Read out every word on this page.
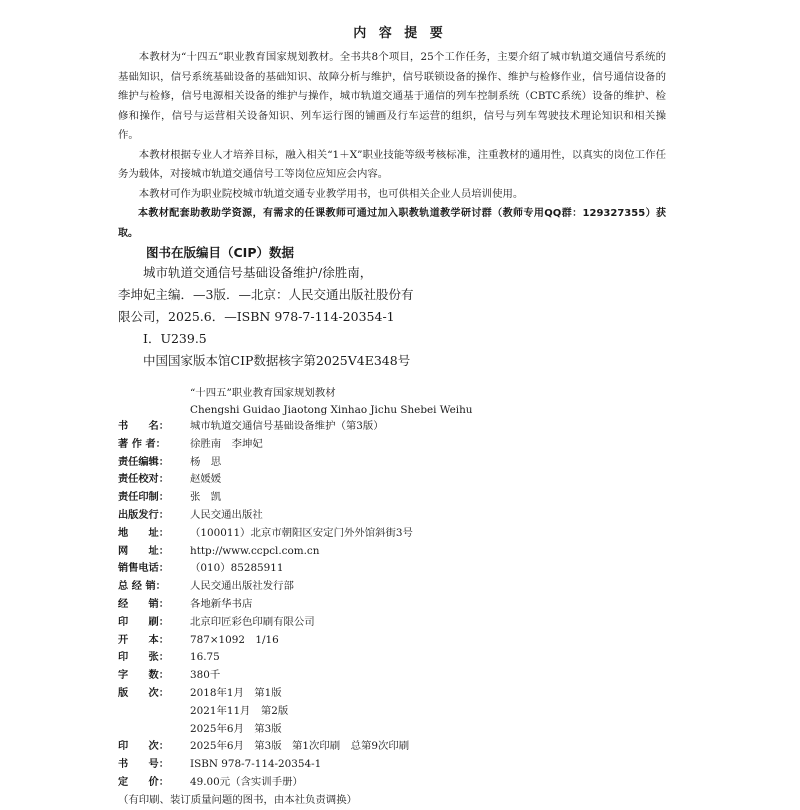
内 容 提 要

本教材为“十四五”职业教育国家规划教材。全书共8个项目，25个工作任务，主要介绍了城市轨道交通信号系统的基础知识，信号系统基础设备的基础知识、故障分析与维护，信号联锁设备的操作、维护与检修作业，信号通信设备的维护与检修，信号电源相关设备的维护与操作，城市轨道交通基于通信的列车控制系统（CBTC系统）设备的维护、检修和操作，信号与运营相关设备知识、列车运行图的铺画及行车运营的组织，信号与列车驾驶技术理论知识和相关操作。

本教材根据专业人才培养目标，融入相关“1＋X”职业技能等级考核标准，注重教材的通用性，以真实的岗位工作任务为载体，对接城市轨道交通信号工等岗位应知应会内容。

本教材可作为职业院校城市轨道交通专业教学用书，也可供相关企业人员培训使用。

本教材配套助教助学资源，有需求的任课教师可通过加入职教轨道教学研讨群（教师专用QQ群：129327355）获取。

图书在版编目（CIP）数据
城市轨道交通信号基础设备维护/徐胜南，
李坤妃主编．—3版．—北京：人民交通出版社股份有
限公司，2025.6．—ISBN 978-7-114-20354-1
Ⅰ．U239.5
中国国家版本馆CIP数据核字第2025V4E348号
“十四五”职业教育国家规划教材
Chengshi Guidao Jiaotong Xinhao Jichu Shebei Weihu
书　　名：	城市轨道交通信号基础设备维护（第3版）
著 作 者：	徐胜南　李坤妃
责任编辑：	杨　思
责任校对：	赵媛媛
责任印制：	张　凯
出版发行：	人民交通出版社
地　　址：	（100011）北京市朝阳区安定门外外馆斜街3号
网　　址：	http://www.ccpcl.com.cn
销售电话：	（010）85285911
总 经 销：	人民交通出版社发行部
经　　销：	各地新华书店
印　　刷：	北京印匠彩色印刷有限公司
开　　本：	787×1092　1/16
印　　张：	16.75
字　　数：	380千
版　　次：	2018年1月　第1版
2021年11月　第2版
2025年6月　第3版
印　　次：	2025年6月　第3版　第1次印刷　总第9次印刷
书　　号：	ISBN 978-7-114-20354-1
定　　价：	49.00元（含实训手册）
（有印刷、装订质量问题的图书，由本社负责调换）
